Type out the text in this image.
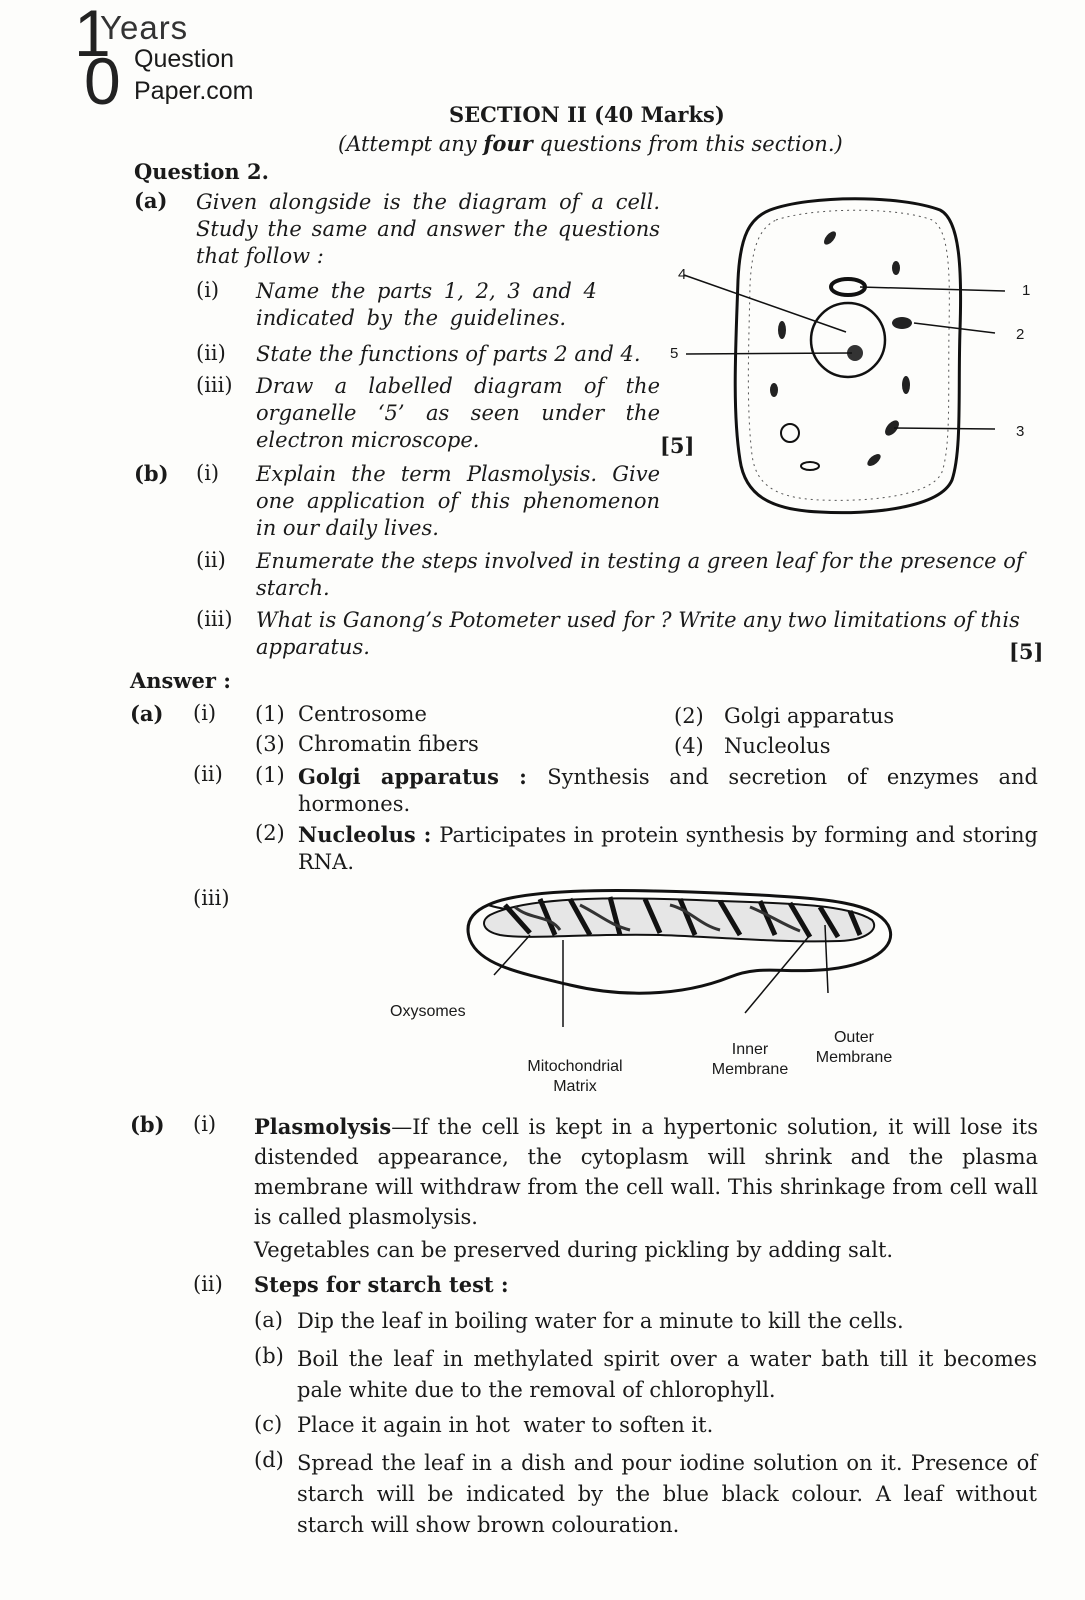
1
0
Years
Question
Paper.com
SECTION II (40 Marks)
(Attempt any four questions from this section.)
Question 2.
(a) Given alongside is the diagram of a cell. Study the same and answer the questions that follow :
(i) Name the parts 1, 2, 3 and 4 indicated by the guidelines.
(ii) State the functions of parts 2 and 4.
(iii) Draw a labelled diagram of the organelle ‘5’ as seen under the electron microscope.	[5]
(b) (i) Explain the term Plasmolysis. Give one application of this phenomenon in our daily lives.
(ii) Enumerate the steps involved in testing a green leaf for the presence of starch.
(iii) What is Ganong’s Potometer used for ? Write any two limitations of this apparatus.	[5]
1
2
3
4
5
Answer :
(a) (i) (1) Centrosome	(2) Golgi apparatus
(3) Chromatin fibers	(4) Nucleolus
(ii) (1) Golgi apparatus : Synthesis and secretion of enzymes and hormones.
(2) Nucleolus : Participates in protein synthesis by forming and storing RNA.
(iii)
Oxysomes
Mitochondrial
Matrix
Inner
Membrane
Outer
Membrane
(b) (i) Plasmolysis—If the cell is kept in a hypertonic solution, it will lose its distended appearance, the cytoplasm will shrink and the plasma membrane will withdraw from the cell wall. This shrinkage from cell wall is called plasmolysis.
Vegetables can be preserved during pickling by adding salt.
(ii) Steps for starch test :
(a) Dip the leaf in boiling water for a minute to kill the cells.
(b) Boil the leaf in methylated spirit over a water bath till it becomes pale white due to the removal of chlorophyll.
(c) Place it again in hot  water to soften it.
(d) Spread the leaf in a dish and pour iodine solution on it. Presence of starch will be indicated by the blue black colour. A leaf without starch will show brown colouration.
